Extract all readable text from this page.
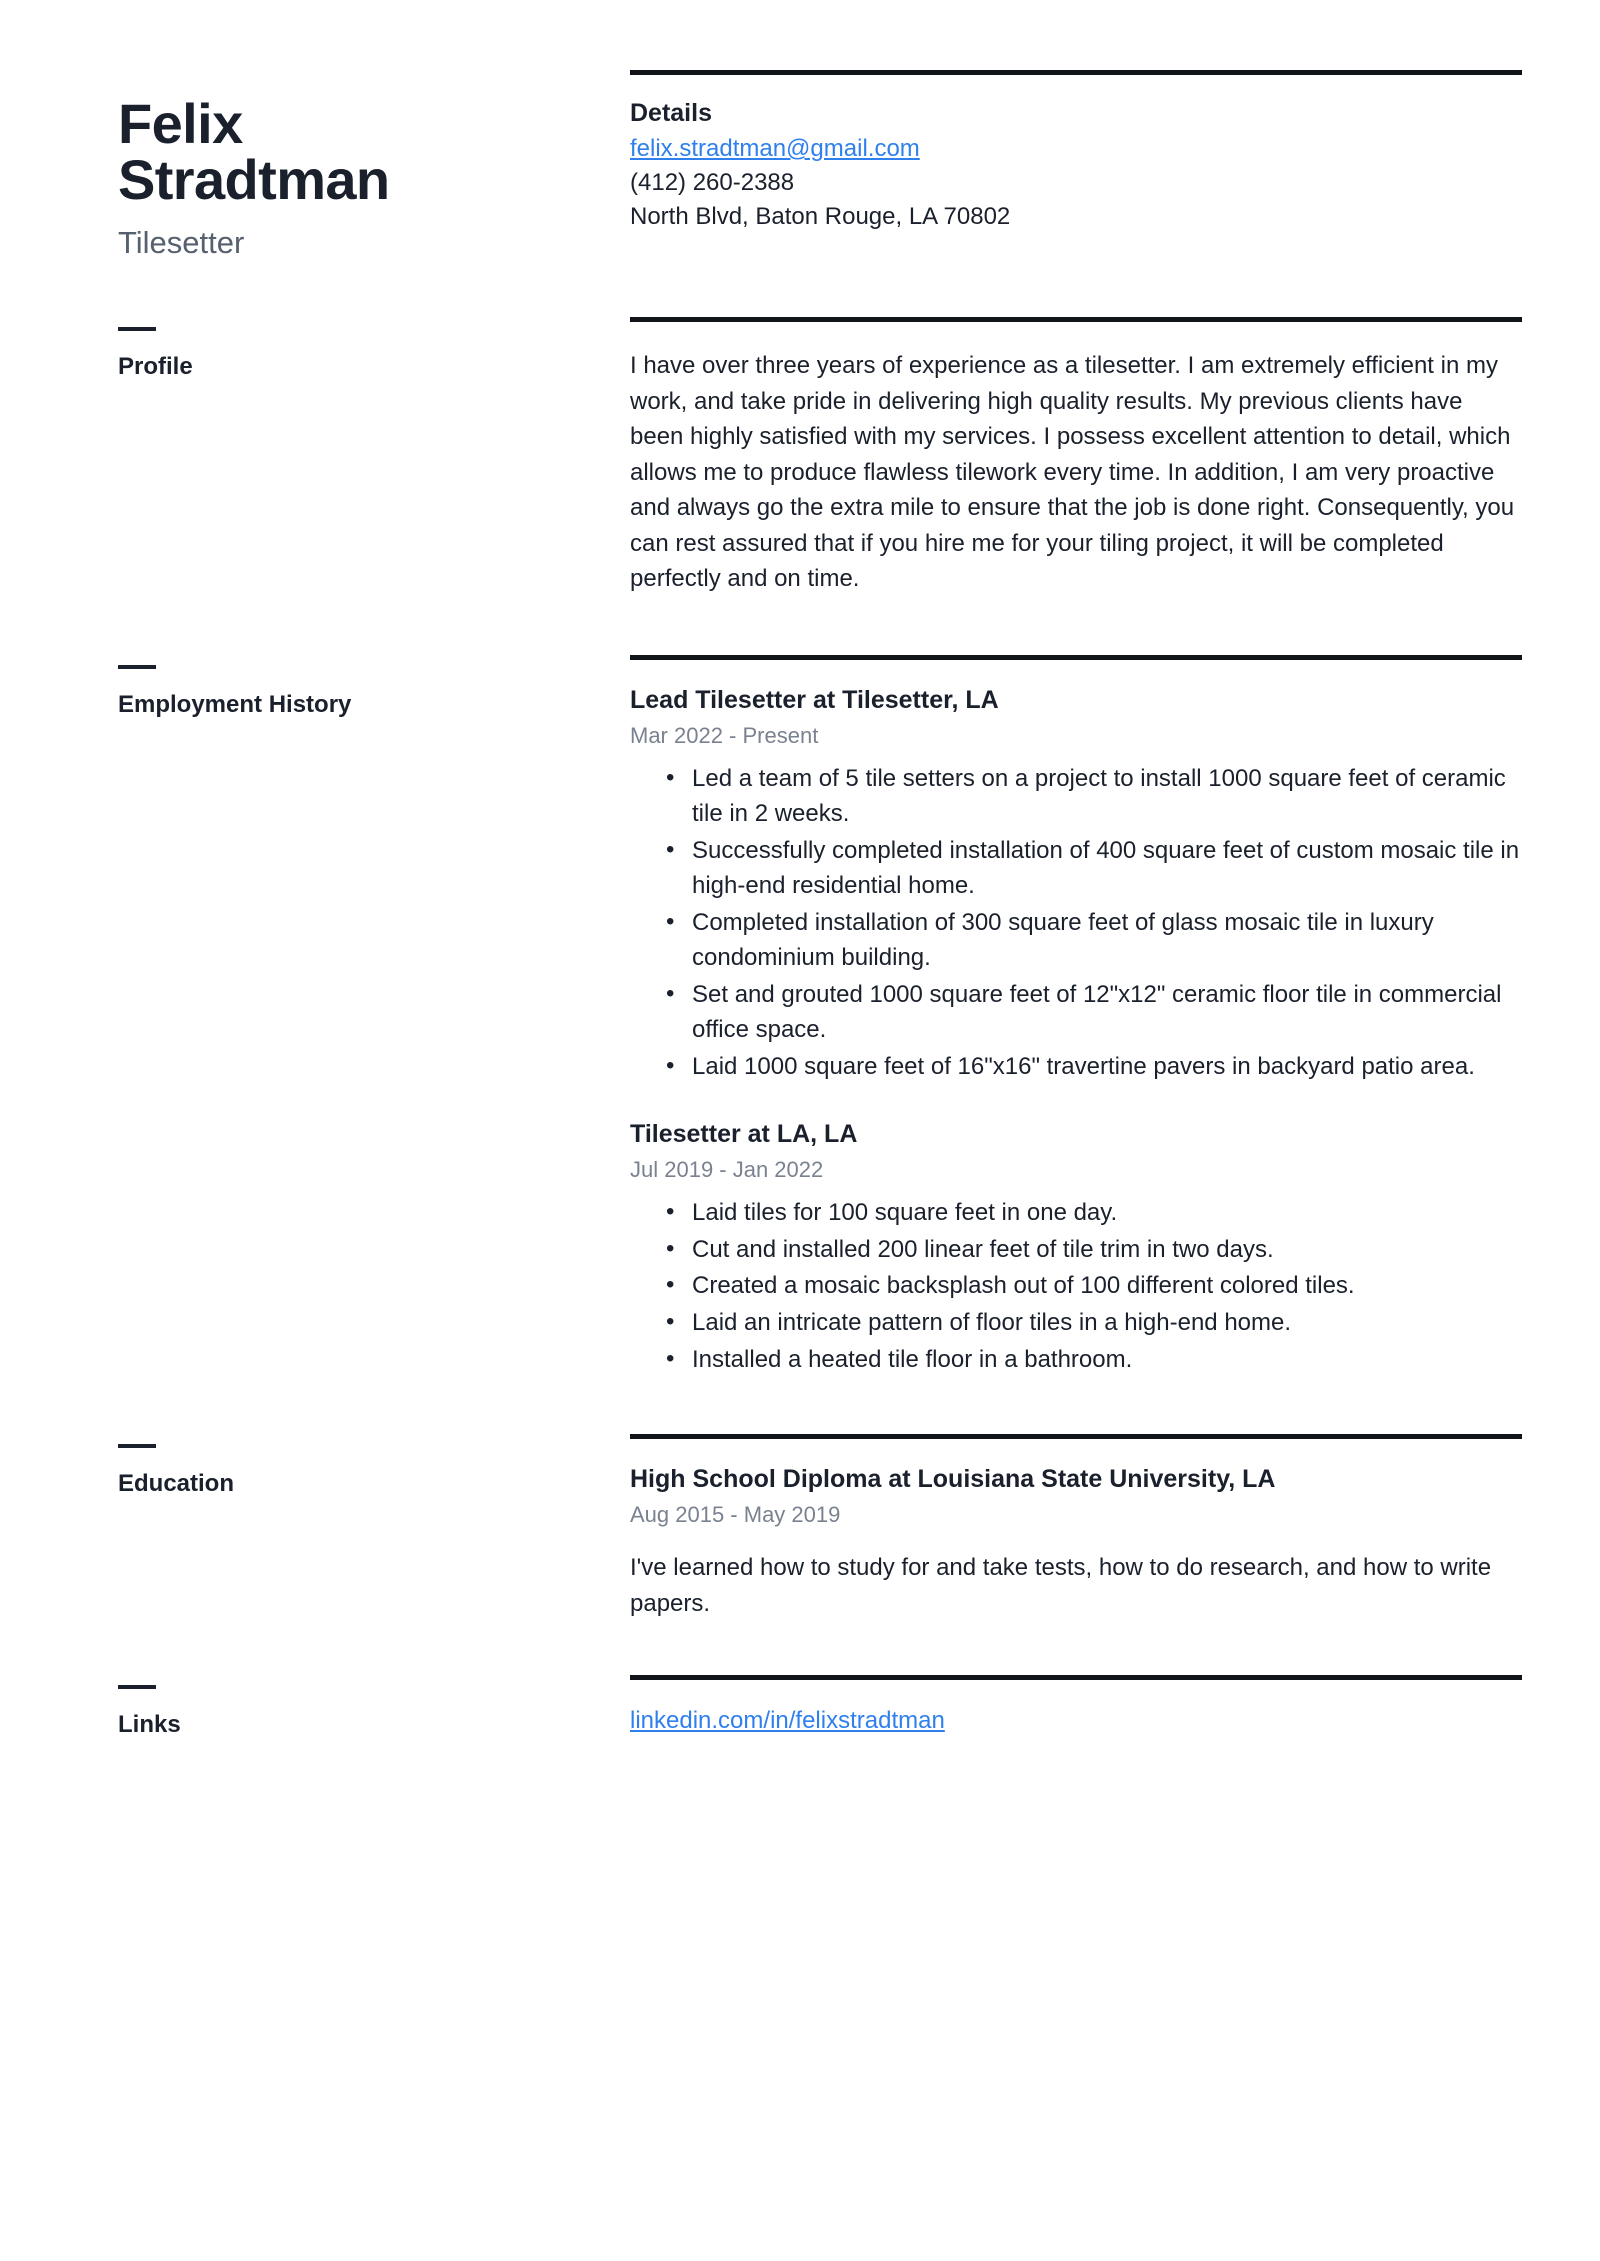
Felix Stradtman
Tilesetter
Details
felix.stradtman@gmail.com
(412) 260-2388
North Blvd, Baton Rouge, LA 70802
Profile	I have over three years of experience as a tilesetter. I am extremely efficient in my work, and take pride in delivering high quality results. My previous clients have been highly satisfied with my services. I possess excellent attention to detail, which allows me to produce flawless tilework every time. In addition, I am very proactive and always go the extra mile to ensure that the job is done right. Consequently, you can rest assured that if you hire me for your tiling project, it will be completed perfectly and on time.

Employment History	Lead Tilesetter at Tilesetter, LA
Mar 2022 - Present
• Led a team of 5 tile setters on a project to install 1000 square feet of ceramic tile in 2 weeks.
• Successfully completed installation of 400 square feet of custom mosaic tile in high-end residential home.
• Completed installation of 300 square feet of glass mosaic tile in luxury condominium building.
• Set and grouted 1000 square feet of 12"x12" ceramic floor tile in commercial office space.
• Laid 1000 square feet of 16"x16" travertine pavers in backyard patio area.
Tilesetter at LA, LA
Jul 2019 - Jan 2022
• Laid tiles for 100 square feet in one day.
• Cut and installed 200 linear feet of tile trim in two days.
• Created a mosaic backsplash out of 100 different colored tiles.
• Laid an intricate pattern of floor tiles in a high-end home.
• Installed a heated tile floor in a bathroom.
Education	High School Diploma at Louisiana State University, LA
Aug 2015 - May 2019

I've learned how to study for and take tests, how to do research, and how to write papers.

Links	linkedin.com/in/felixstradtman
